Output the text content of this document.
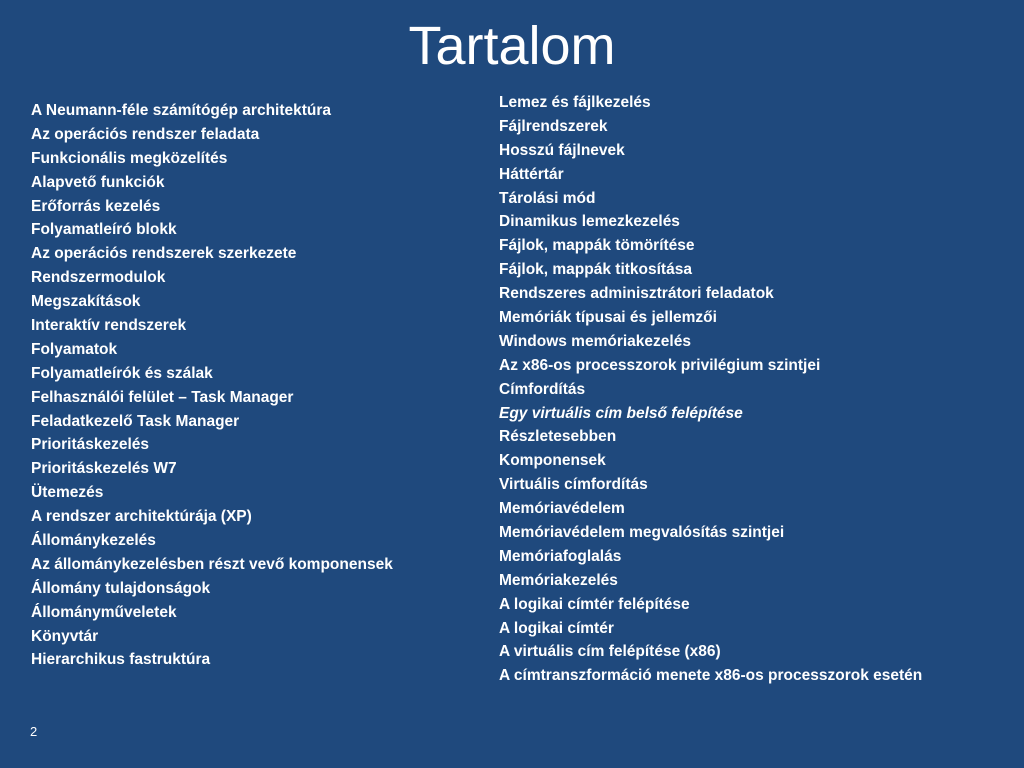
Tartalom
A Neumann-féle számítógép architektúra
Az operációs rendszer feladata
Funkcionális megközelítés
Alapvető funkciók
Erőforrás kezelés
Folyamatleíró blokk
Az operációs rendszerek szerkezete
Rendszermodulok
Megszakítások
Interaktív rendszerek
Folyamatok
Folyamatleírók és szálak
Felhasználói felület – Task Manager
Feladatkezelő Task Manager
Prioritáskezelés
Prioritáskezelés W7
Ütemezés
A rendszer architektúrája (XP)
Állománykezelés
Az állománykezelésben részt vevő komponensek
Állomány tulajdonságok
Állományműveletek
Könyvtár
Hierarchikus fastruktúra
Lemez és fájlkezelés
Fájlrendszerek
Hosszú fájlnevek
Háttértár
Tárolási mód
Dinamikus lemezkezelés
Fájlok, mappák tömörítése
Fájlok, mappák titkosítása
Rendszeres adminisztrátori feladatok
Memóriák típusai és jellemzői
Windows memóriakezelés
Az x86-os processzorok privilégium szintjei
Címfordítás
Egy virtuális cím belső felépítése
Részletesebben
Komponensek
Virtuális címfordítás
Memóriavédelem
Memóriavédelem megvalósítás szintjei
Memóriafoglalás
Memóriakezelés
A logikai címtér felépítése
A logikai címtér
A virtuális cím felépítése (x86)
A címtranszformáció menete x86-os processzorok esetén
2
